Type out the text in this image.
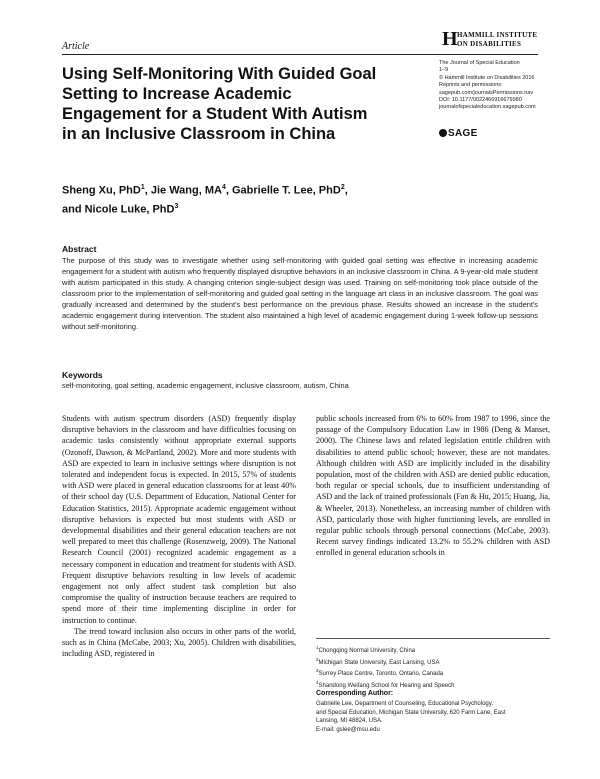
Article	H HAMMILL INSTITUTE
ON DISABILITIES
Using Self-Monitoring With Guided Goal Setting to Increase Academic Engagement for a Student With Autism in an Inclusive Classroom in China
The Journal of Special Education
1–9
© Hammill Institute on Disabilities 2016
Reprints and permissions:
sagepub.com/journalsPermissions.nav
DOI: 10.1177/0022466916679980
journalofspecialeducation.sagepub.com
SAGE
Sheng Xu, PhD$^1$, Jie Wang, $MA^4$, Gabrielle T. Lee, PhD$^2$,
and Nicole Luke, PhD$^3$
Abstract
The purpose of this study was to investigate whether using self-monitoring with guided goal setting was effective in increasing academic engagement for a student with autism who frequently displayed disruptive behaviors in an inclusive classroom in China. A 9-year-old male student with autism participated in this study. A changing criterion single-subject design was used. Training on self-monitoring took place outside of the classroom prior to the implementation of self-monitoring and guided goal setting in the language art class in an inclusive classroom. The goal was gradually increased and determined by the student's best performance on the previous phase. Results showed an increase in the student's academic engagement during intervention. The student also maintained a high level of academic engagement during 1-week follow-up sessions without self-monitoring.
Keywords
self-monitoring, goal setting, academic engagement, inclusive classroom, autism, China

Students with autism spectrum disorders (ASD) frequently display disruptive behaviors in the classroom and have difficulties focusing on academic tasks consistently without appropriate external supports (Ozonoff, Dawson, & McPartland, 2002). More and more students with ASD are expected to learn in inclusive settings where disruption is not tolerated and independent focus is expected. In 2015, 57% of students with ASD were placed in general education classrooms for at least 40% of their school day (U.S. Department of Education, National Center for Education Statistics, 2015). Appropriate academic engagement without disruptive behaviors is expected but most students with ASD or developmental disabilities and their general education teachers are not well prepared to meet this challenge (Rosenzweig, 2009). The National Research Council (2001) recognized academic engagement as a necessary component in education and treatment for students with ASD. Frequent disruptive behaviors resulting in low levels of academic engagement not only affect student task completion but also compromise the quality of instruction because teachers are required to spend more of their time implementing discipline in order for instruction to continue.

The trend toward inclusion also occurs in other parts of the world, such as in China (McCabe, 2003; Xu, 2005). Children with disabilities, including ASD, registered in

public schools increased from 6% to 60% from 1987 to 1996, since the passage of the Compulsory Education Law in 1986 (Deng & Manset, 2000). The Chinese laws and related legislation entitle children with disabilities to attend public school; however, these are not mandates. Although children with ASD are implicitly included in the disability population, most of the children with ASD are denied public education, both regular or special schools, due to insufficient understanding of ASD and the lack of trained professionals (Fan & Hu, 2015; Huang, Jia, & Wheeler, 2013). Nonetheless, an increasing number of children with ASD, particularly those with higher functioning levels, are enrolled in regular public schools through personal connections (McCabe, 2003). Recent survey findings indicated 13.2% to 55.2% children with ASD enrolled in general education schools in

$^1$Chongqing Normal University, China
$^2$Michigan State University, East Lansing, USA
$^3$Surrey Place Centre, Toronto, Ontario, Canada
$^4$Shandong Weifang School for Hearing and Speech
Corresponding Author:
Gabrielle Lee, Department of Counseling, Educational Psychology,
and Special Education, Michigan State University, 620 Farm Lane, East
Lansing, MI 48824, USA.
E-mail: gslee@msu.edu
